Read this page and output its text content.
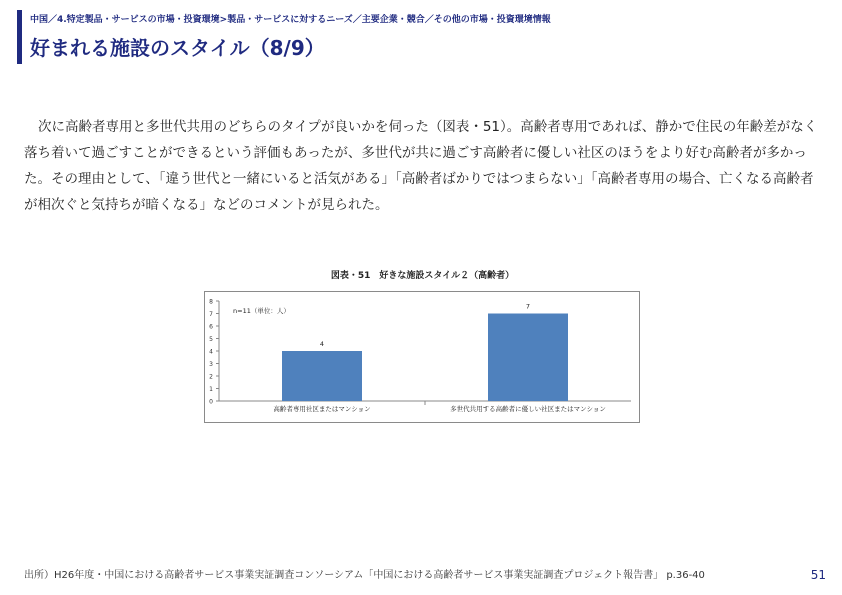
中国／4.特定製品・サービスの市場・投資環境>製品・サービスに対するニーズ／主要企業・競合／その他の市場・投資環境情報
好まれる施設のスタイル（8/9）
次に高齢者専用と多世代共用のどちらのタイプが良いかを伺った（図表・51）。高齢者専用であれば、静かで住民の年齢差がなく落ち着いて過ごすことができるという評価もあったが、多世代が共に過ごす高齢者に優しい社区のほうをより好む高齢者が多かった。その理由として、「違う世代と一緒にいると活気がある」「高齢者ばかりではつまらない」「高齢者専用の場合、亡くなる高齢者が相次ぐと気持ちが暗くなる」などのコメントが見られた。
図表・51　好きな施設スタイル２（高齢者）
0
1
2
3
4
5
6
7
8
n=11（単位：人）
4
高齢者専用社区またはマンション
7
多世代共用する高齢者に優しい社区またはマンション
出所）H26年度・中国における高齢者サービス事業実証調査コンソーシアム「中国における高齢者サービス事業実証調査プロジェクト報告書」 p.36-40	51
